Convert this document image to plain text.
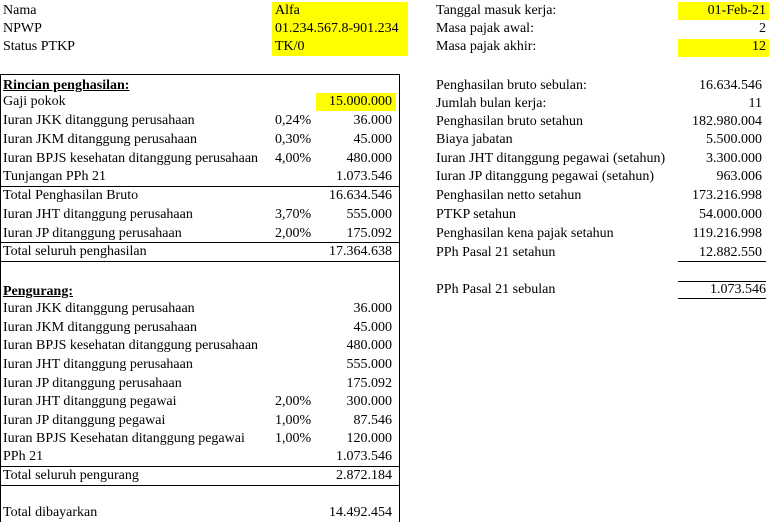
Nama	Alfa
NPWP	01.234.567.8-901.234
Status PTKP	TK/0
Tanggal masuk kerja:	01-Feb-21
Masa pajak awal:	2
Masa pajak akhir:	12
Rincian penghasilan:
Gaji pokok	15.000.000
Iuran JKK ditanggung perusahaan	0,24%	36.000
Iuran JKM ditanggung perusahaan	0,30%	45.000
Iuran BPJS kesehatan ditanggung perusahaan 4,00%	480.000
Tunjangan PPh 21	1.073.546
Total Penghasilan Bruto	16.634.546
Iuran JHT ditanggung perusahaan	3,70%	555.000
Iuran JP ditanggung perusahaan	2,00%	175.092
Total seluruh penghasilan	17.364.638
Pengurang:
Iuran JKK ditanggung perusahaan	36.000
Iuran JKM ditanggung perusahaan	45.000
Iuran BPJS kesehatan ditanggung perusahaan	480.000
Iuran JHT ditanggung perusahaan	555.000
Iuran JP ditanggung perusahaan	175.092
Iuran JHT ditanggung pegawai	2,00%	300.000
Iuran JP ditanggung pegawai	1,00%	87.546
Iuran BPJS Kesehatan ditanggung pegawai 1,00%	120.000
PPh 21	1.073.546
Total seluruh pengurang	2.872.184
Total dibayarkan	14.492.454
Penghasilan bruto sebulan:	16.634.546
Jumlah bulan kerja:	11
Penghasilan bruto setahun	182.980.004
Biaya jabatan	5.500.000
Iuran JHT ditanggung pegawai (setahun)	3.300.000
Iuran JP ditanggung pegawai (setahun)	963.006
Penghasilan netto setahun	173.216.998
PTKP setahun	54.000.000
Penghasilan kena pajak setahun	119.216.998
PPh Pasal 21 setahun	12.882.550
PPh Pasal 21 sebulan	1.073.546
